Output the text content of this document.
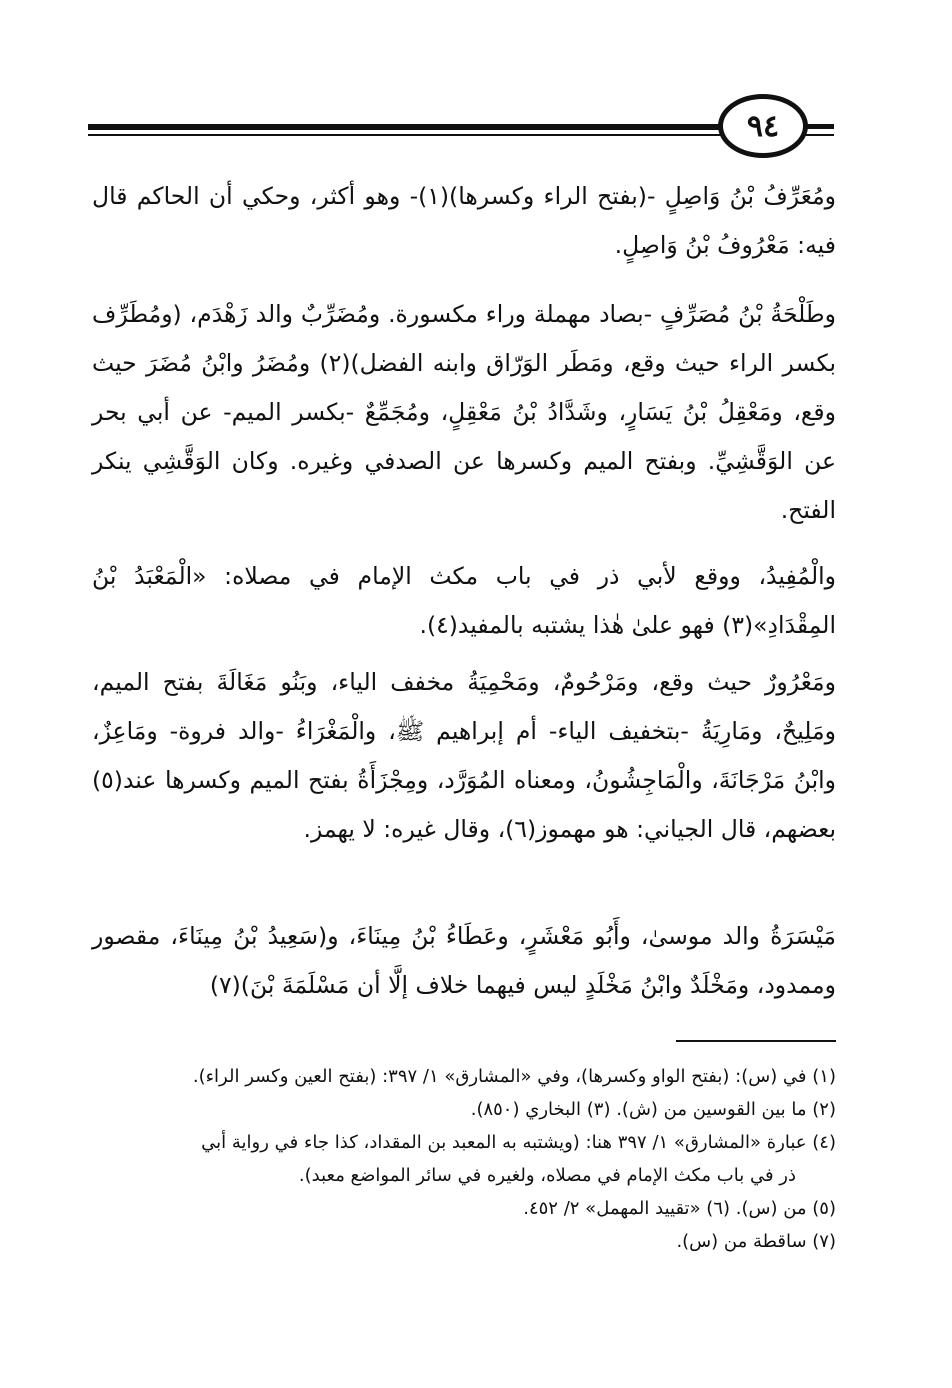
٩٤

ومُعَرِّفُ بْنُ وَاصِلٍ -(بفتح الراء وكسرها)(١)- وهو أكثر، وحكي أن الحاكم قال فيه: مَعْرُوفُ بْنُ وَاصِلٍ.

وطَلْحَةُ بْنُ مُصَرِّفٍ -بصاد مهملة وراء مكسورة. ومُضَرِّبٌ والد زَهْدَم، (ومُطَرِّف بكسر الراء حيث وقع، ومَطَر الوَرّاق وابنه الفضل)(٢) ومُضَرُ وابْنُ مُضَرَ حيث وقع، ومَعْقِلُ بْنُ يَسَارٍ، وشَدَّادُ بْنُ مَعْقِلٍ، ومُجَمِّعٌ -بكسر الميم- عن أبي بحر عن الوَقَّشِيِّ. وبفتح الميم وكسرها عن الصدفي وغيره. وكان الوَقَّشِي ينكر الفتح.

والْمُفِيدُ، ووقع لأبي ذر في باب مكث الإمام في مصلاه: «الْمَعْبَدُ بْنُ المِقْدَادِ»(٣) فهو علىٰ هٰذا يشتبه بالمفيد(٤).

ومَعْرُورٌ حيث وقع، ومَرْحُومٌ، ومَحْمِيَةُ مخفف الياء، وبَنُو مَغَالَةَ بفتح الميم، ومَلِيحٌ، ومَارِيَةُ -بتخفيف الياء- أم إبراهيم ﷺ، والْمَغْرَاءُ -والد فروة- ومَاعِزٌ، وابْنُ مَرْجَانَةَ، والْمَاجِشُونُ، ومعناه المُوَرَّد، ومِجْزَأَةُ بفتح الميم وكسرها عند(٥) بعضهم، قال الجياني: هو مهموز(٦)، وقال غيره: لا يهمز.

مَيْسَرَةُ والد موسىٰ، وأَبُو مَعْشَرٍ، وعَطَاءُ بْنُ مِينَاءَ، و(سَعِيدُ بْنُ مِينَاءَ، مقصور وممدود، ومَخْلَدٌ وابْنُ مَخْلَدٍ ليس فيهما خلاف إلَّا أن مَسْلَمَةَ بْنَ)(٧)

(١) في (س): (بفتح الواو وكسرها)، وفي «المشارق» ١/ ٣٩٧: (بفتح العين وكسر الراء).

(٢) ما بين القوسين من (ش). (٣) البخاري (٨٥٠).

(٤) عبارة «المشارق» ١/ ٣٩٧ هنا: (ويشتبه به المعبد بن المقداد، كذا جاء في رواية أبي

ذر في باب مكث الإمام في مصلاه، ولغيره في سائر المواضع معبد).

(٥) من (س). (٦) «تقييد المهمل» ٢/ ٤٥٢.

(٧) ساقطة من (س).
